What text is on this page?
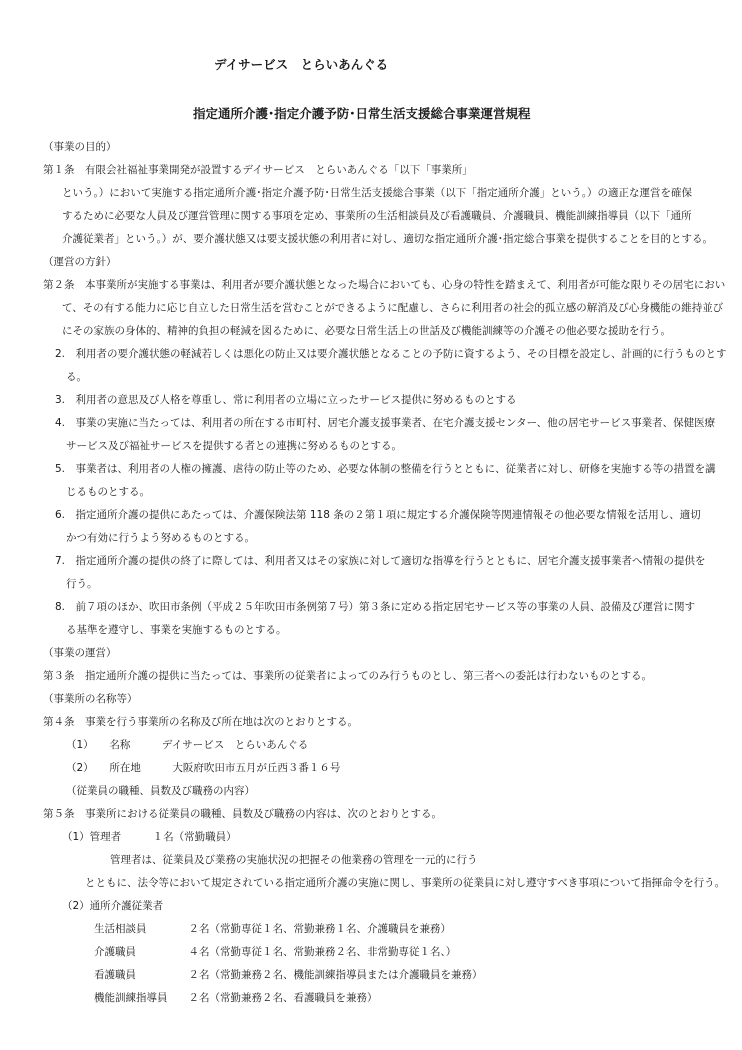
デイサービス　とらいあんぐる
指定通所介護･指定介護予防･日常生活支援総合事業運営規程
（事業の目的）
第１条　有限会社福祉事業開発が設置するデイサービス　とらいあんぐる「以下「事業所」
という。）において実施する指定通所介護･指定介護予防･日常生活支援総合事業（以下「指定通所介護」という。）の適正な運営を確保
するために必要な人員及び運営管理に関する事項を定め、事業所の生活相談員及び看護職員、介護職員、機能訓練指導員（以下「通所
介護従業者」という。）が、要介護状態又は要支援状態の利用者に対し、適切な指定通所介護･指定総合事業を提供することを目的とする。
（運営の方針）
第２条　本事業所が実施する事業は、利用者が要介護状態となった場合においても、心身の特性を踏まえて、利用者が可能な限りその居宅におい
て、その有する能力に応じ自立した日常生活を営むことができるように配慮し、さらに利用者の社会的孤立感の解消及び心身機能の維持並び
にその家族の身体的、精神的負担の軽減を図るために、必要な日常生活上の世話及び機能訓練等の介護その他必要な援助を行う。
2.　利用者の要介護状態の軽減若しくは悪化の防止又は要介護状態となることの予防に資するよう、その目標を設定し、計画的に行うものとす
る。
3.　利用者の意思及び人格を尊重し、常に利用者の立場に立ったサービス提供に努めるものとする
4.　事業の実施に当たっては、利用者の所在する市町村、居宅介護支援事業者、在宅介護支援センター、他の居宅サービス事業者、保健医療
サービス及び福祉サービスを提供する者との連携に努めるものとする。
5.　事業者は、利用者の人権の擁護、虐待の防止等のため、必要な体制の整備を行うとともに、従業者に対し、研修を実施する等の措置を講
じるものとする。
6.　指定通所介護の提供にあたっては、介護保険法第 118 条の２第１項に規定する介護保険等関連情報その他必要な情報を活用し、適切
かつ有効に行うよう努めるものとする。
7.　指定通所介護の提供の終了に際しては、利用者又はその家族に対して適切な指導を行うとともに、居宅介護支援事業者へ情報の提供を
行う。
8.　前７項のほか、吹田市条例（平成２５年吹田市条例第７号）第３条に定める指定居宅サービス等の事業の人員、設備及び運営に関す
る基準を遵守し、事業を実施するものとする。
（事業の運営）
第３条　指定通所介護の提供に当たっては、事業所の従業者によってのみ行うものとし、第三者への委託は行わないものとする。
（事業所の名称等）
第４条　事業を行う事業所の名称及び所在地は次のとおりとする。
（1）　　名称　　　デイサービス　とらいあんぐる
（2）　　所在地　　　大阪府吹田市五月が丘西３番１６号
（従業員の職種、員数及び職務の内容）
第５条　事業所における従業員の職種、員数及び職務の内容は、次のとおりとする。
（1）管理者　　　１名（常勤職員）
管理者は、従業員及び業務の実施状況の把握その他業務の管理を一元的に行う
とともに、法令等において規定されている指定通所介護の実施に関し、事業所の従業員に対し遵守すべき事項について指揮命令を行う。
（2）通所介護従業者
生活相談員　　　　２名（常勤専従１名、常勤兼務１名、介護職員を兼務）
介護職員　　　　　４名（常勤専従１名、常勤兼務２名、非常勤専従１名、）
看護職員　　　　　２名（常勤兼務２名、機能訓練指導員または介護職員を兼務）
機能訓練指導員　　２名（常勤兼務２名、看護職員を兼務）
